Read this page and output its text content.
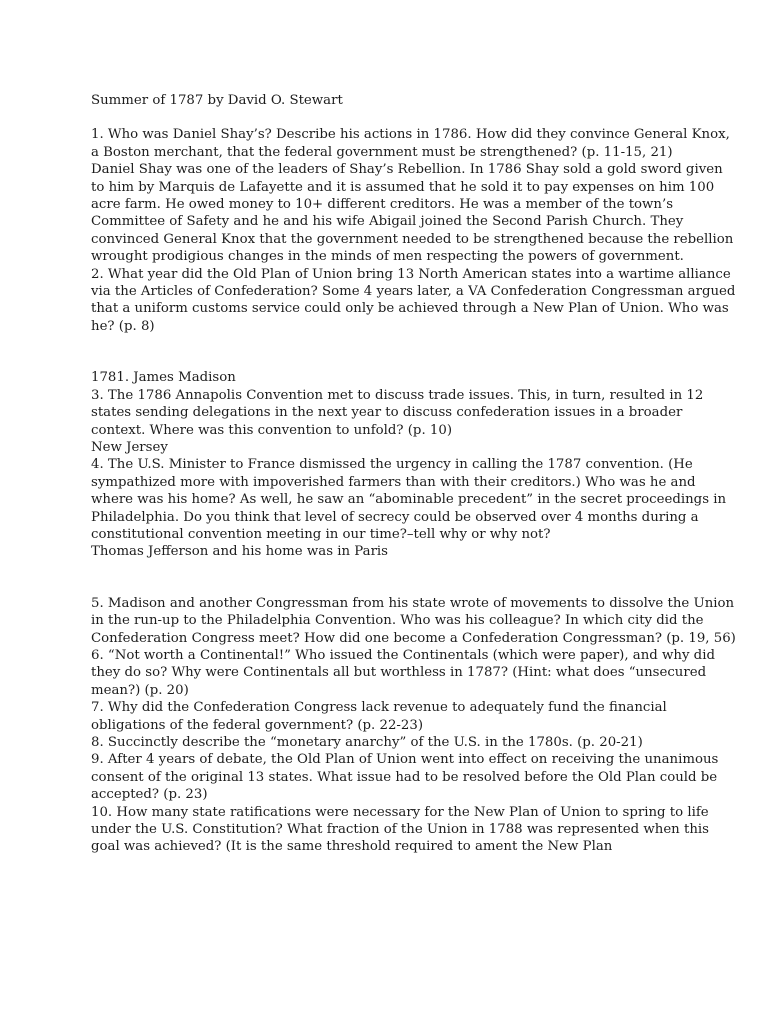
Summer of 1787 by David O. Stewart

1. Who was Daniel Shay’s? Describe his actions in 1786. How did they convince General Knox, a Boston merchant, that the federal government must be strengthened? (p. 11-15, 21)

Daniel Shay was one of the leaders of Shay’s Rebellion. In 1786 Shay sold a gold sword given to him by Marquis de Lafayette and it is assumed that he sold it to pay expenses on him 100 acre farm. He owed money to 10+ different creditors. He was a member of the town’s Committee of Safety and he and his wife Abigail joined the Second Parish Church. They convinced General Knox that the government needed to be strengthened because the rebellion wrought prodigious changes in the minds of men respecting the powers of government.

2. What year did the Old Plan of Union bring 13 North American states into a wartime alliance via the Articles of Confederation? Some 4 years later, a VA Confederation Congressman argued that a uniform customs service could only be achieved through a New Plan of Union. Who was he? (p. 8)

1781. James Madison

3. The 1786 Annapolis Convention met to discuss trade issues. This, in turn, resulted in 12 states sending delegations in the next year to discuss confederation issues in a broader context. Where was this convention to unfold? (p. 10)

New Jersey

4. The U.S. Minister to France dismissed the urgency in calling the 1787 convention. (He sympathized more with impoverished farmers than with their creditors.) Who was he and where was his home? As well, he saw an “abominable precedent” in the secret proceedings in Philadelphia. Do you think that level of secrecy could be observed over 4 months during a constitutional convention meeting in our time?–tell why or why not?

Thomas Jefferson and his home was in Paris

5. Madison and another Congressman from his state wrote of movements to dissolve the Union in the run-up to the Philadelphia Convention. Who was his colleague? In which city did the Confederation Congress meet? How did one become a Confederation Congressman? (p. 19, 56)

6. “Not worth a Continental!” Who issued the Continentals (which were paper), and why did they do so? Why were Continentals all but worthless in 1787? (Hint: what does “unsecured mean?) (p. 20)

7. Why did the Confederation Congress lack revenue to adequately fund the financial obligations of the federal government? (p. 22-23)

8. Succinctly describe the “monetary anarchy” of the U.S. in the 1780s. (p. 20-21)

9. After 4 years of debate, the Old Plan of Union went into effect on receiving the unanimous consent of the original 13 states. What issue had to be resolved before the Old Plan could be accepted? (p. 23)

10. How many state ratifications were necessary for the New Plan of Union to spring to life under the U.S. Constitution? What fraction of the Union in 1788 was represented when this goal was achieved? (It is the same threshold required to ament the New Plan
